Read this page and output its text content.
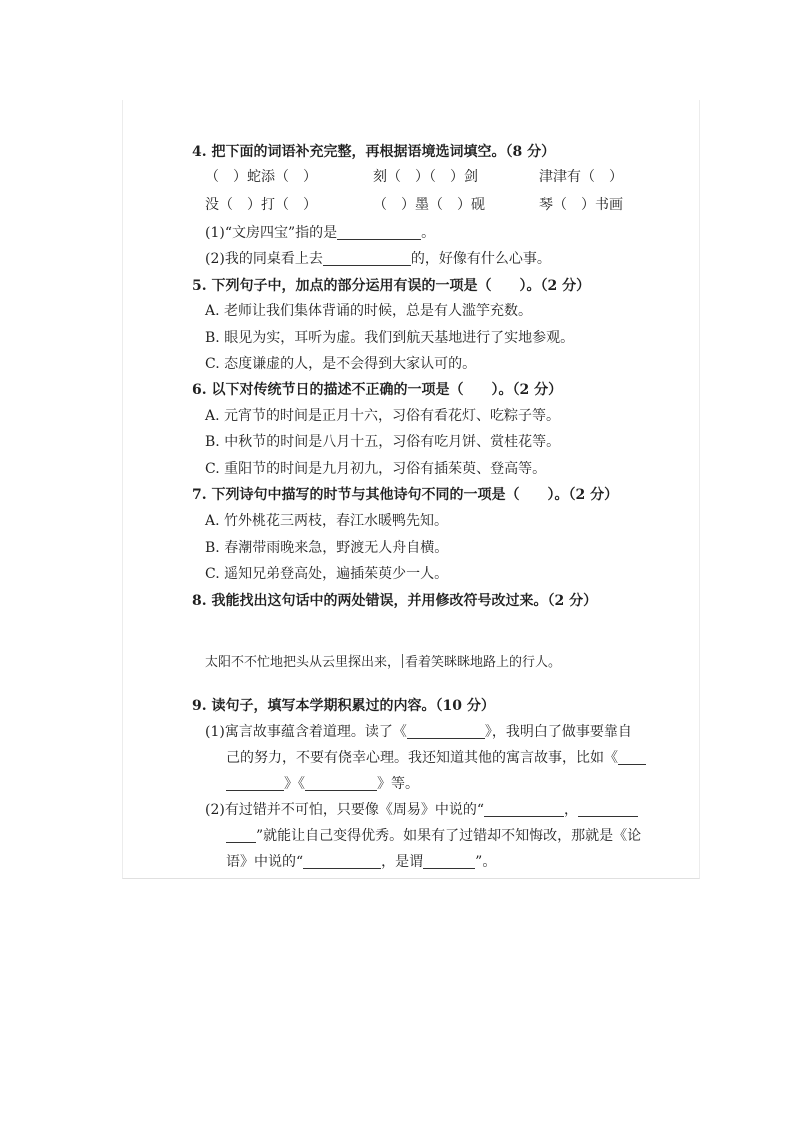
4. 把下面的词语补充完整，再根据语境选词填空。（8 分）
（　）蛇添（　）	刻（　）（　）剑	津津有（　）
没（　）打（　）	（　）墨（　）砚	琴（　）书画
(1)“文房四宝”指的是	。
(2)我的同桌看上去	的，好像有什么心事。
5. 下列句子中，加点的部分运用有误的一项是（　　）。（2 分）
A. 老师让我们集体背诵的时候，总是有人滥竽充数。
B. 眼见为实，耳听为虚。我们到航天基地进行了实地参观。
C. 态度谦虚的人，是不会得到大家认可的。
6. 以下对传统节日的描述不正确的一项是（　　）。（2 分）
A. 元宵节的时间是正月十六，习俗有看花灯、吃粽子等。
B. 中秋节的时间是八月十五，习俗有吃月饼、赏桂花等。
C. 重阳节的时间是九月初九，习俗有插茱萸、登高等。
7. 下列诗句中描写的时节与其他诗句不同的一项是（　　）。（2 分）
A. 竹外桃花三两枝，春江水暖鸭先知。
B. 春潮带雨晚来急，野渡无人舟自横。
C. 遥知兄弟登高处，遍插茱萸少一人。
8. 我能找出这句话中的两处错误，并用修改符号改过来。（2 分）
太阳不不忙地把头从云里探出来， 看着笑眯眯地路上的行人。
9. 读句子，填写本学期积累过的内容。（10 分）
(1)寓言故事蕴含着道理。读了《	》，我明白了做事要靠自
己的努力，不要有侥幸心理。我还知道其他的寓言故事，比如《
》《	》等。
(2)有过错并不可怕，只要像《周易》中说的“	，
”就能让自己变得优秀。如果有了过错却不知悔改，那就是《论
语》中说的“	，是谓	”。
